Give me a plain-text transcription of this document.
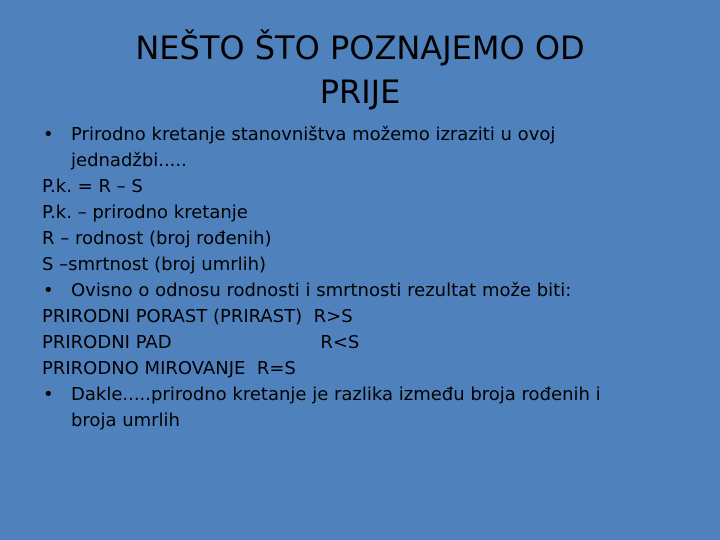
NEŠTO ŠTO POZNAJEMO OD
PRIJE
• Prirodno kretanje stanovništva možemo izraziti u ovoj
jednadžbi.....
P.k. = R – S
P.k. – prirodno kretanje
R – rodnost (broj rođenih)
S –smrtnost (broj umrlih)
• Ovisno o odnosu rodnosti i smrtnosti rezultat može biti:
PRIRODNI PORAST (PRIRAST)  R>S
PRIRODNI PAD                          R<S
PRIRODNO MIROVANJE  R=S
• Dakle.....prirodno kretanje je razlika između broja rođenih i
broja umrlih
